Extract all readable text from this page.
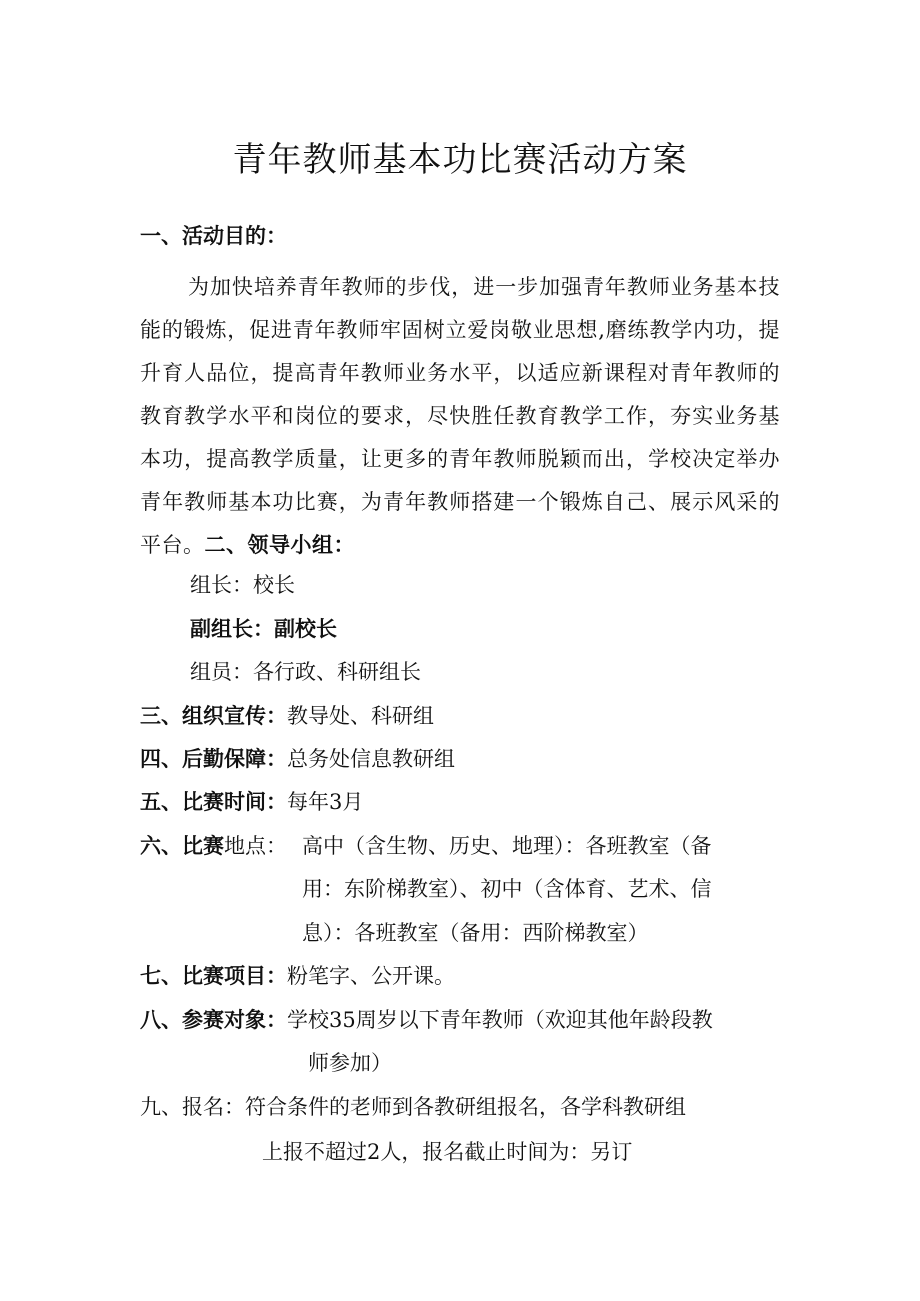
青年教师基本功比赛活动方案
一、活动目的：
为加快培养青年教师的步伐，进一步加强青年教师业务基本技能的锻炼，促进青年教师牢固树立爱岗敬业思想,磨练教学内功，提升育人品位，提高青年教师业务水平，以适应新课程对青年教师的教育教学水平和岗位的要求，尽快胜任教育教学工作，夯实业务基本功，提高教学质量，让更多的青年教师脱颖而出，学校决定举办青年教师基本功比赛，为青年教师搭建一个锻炼自己、展示风采的平台。二、领导小组：
组长：校长
副组长：副校长
组员：各行政、科研组长
三、组织宣传：教导处、科研组
四、后勤保障：总务处信息教研组
五、比赛时间：每年3月
六、比赛地点： 高中（含生物、历史、地理）：各班教室（备
用：东阶梯教室）、初中（含体育、艺术、信
息）：各班教室（备用：西阶梯教室）
七、比赛项目：粉笔字、公开课。
八、参赛对象：学校35周岁以下青年教师（欢迎其他年龄段教
师参加）
九、报名：符合条件的老师到各教研组报名，各学科教研组
上报不超过2人，报名截止时间为：另订
